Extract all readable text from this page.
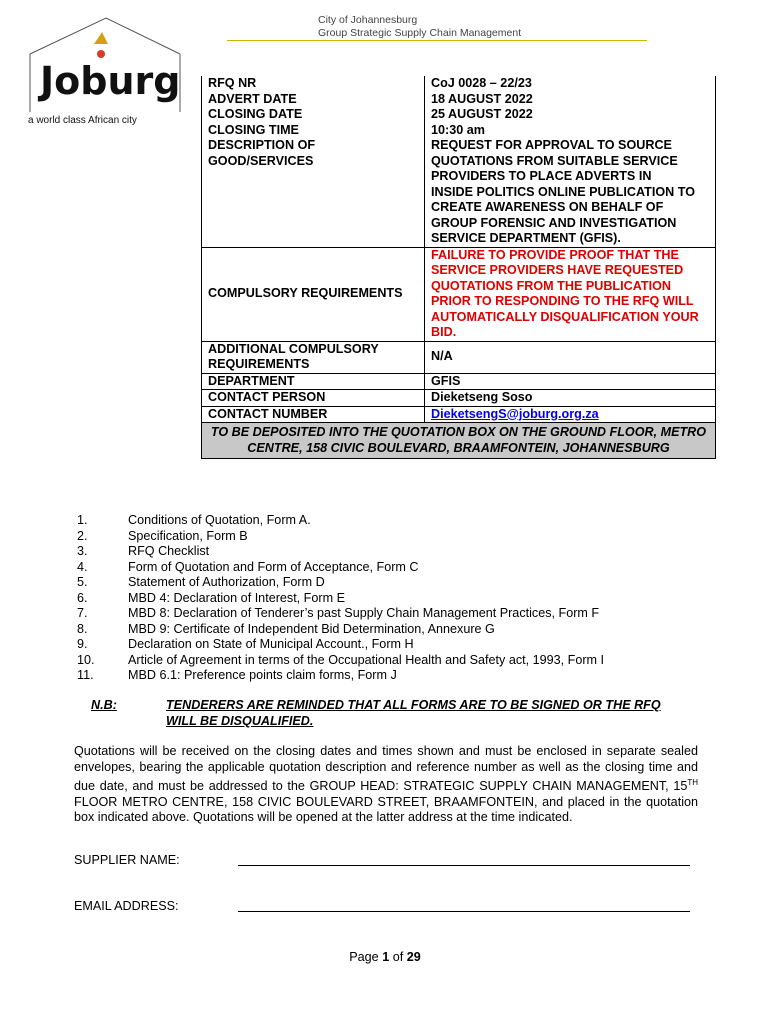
City of Johannesburg
Group Strategic Supply Chain Management
Joburg
a world class African city
RFQ NR	CoJ 0028 – 22/23
ADVERT DATE	18 AUGUST 2022
CLOSING DATE	25 AUGUST 2022
CLOSING TIME	10:30 am
DESCRIPTION OF GOOD/SERVICES	REQUEST FOR APPROVAL TO SOURCE QUOTATIONS FROM SUITABLE SERVICE PROVIDERS TO PLACE ADVERTS IN INSIDE POLITICS ONLINE PUBLICATION TO CREATE AWARENESS ON BEHALF OF GROUP FORENSIC AND INVESTIGATION SERVICE DEPARTMENT (GFIS).
COMPULSORY REQUIREMENTS	FAILURE TO PROVIDE PROOF THAT THE SERVICE PROVIDERS HAVE REQUESTED QUOTATIONS FROM THE PUBLICATION PRIOR TO RESPONDING TO THE RFQ WILL AUTOMATICALLY DISQUALIFICATION YOUR BID.
ADDITIONAL COMPULSORY REQUIREMENTS	N/A
DEPARTMENT	GFIS
CONTACT PERSON	Dieketseng Soso
CONTACT NUMBER	DieketsengS@joburg.org.za
TO BE DEPOSITED INTO THE QUOTATION BOX ON THE GROUND FLOOR, METRO CENTRE, 158 CIVIC BOULEVARD, BRAAMFONTEIN, JOHANNESBURG	
1.	Conditions of Quotation, Form A.
2.	Specification, Form B
3.	RFQ Checklist
4.	Form of Quotation and Form of Acceptance, Form C
5.	Statement of Authorization, Form D
6.	MBD 4: Declaration of Interest, Form E
7.	MBD 8: Declaration of Tenderer’s past Supply Chain Management Practices, Form F
8.	MBD 9: Certificate of Independent Bid Determination, Annexure G
9.	Declaration on State of Municipal Account., Form H
10.	Article of Agreement in terms of the Occupational Health and Safety act, 1993, Form I
11.	MBD 6.1: Preference points claim forms, Form J
N.B:	TENDERERS ARE REMINDED THAT ALL FORMS ARE TO BE SIGNED OR THE RFQ WILL BE DISQUALIFIED.
Quotations will be received on the closing dates and times shown and must be enclosed in separate sealed envelopes, bearing the applicable quotation description and reference number as well as the closing time and due date, and must be addressed to the GROUP HEAD: STRATEGIC SUPPLY CHAIN MANAGEMENT, 15TH FLOOR METRO CENTRE, 158 CIVIC BOULEVARD STREET, BRAAMFONTEIN, and placed in the quotation box indicated above. Quotations will be opened at the latter address at the time indicated.
SUPPLIER NAME:
EMAIL ADDRESS:
Page 1 of 29
